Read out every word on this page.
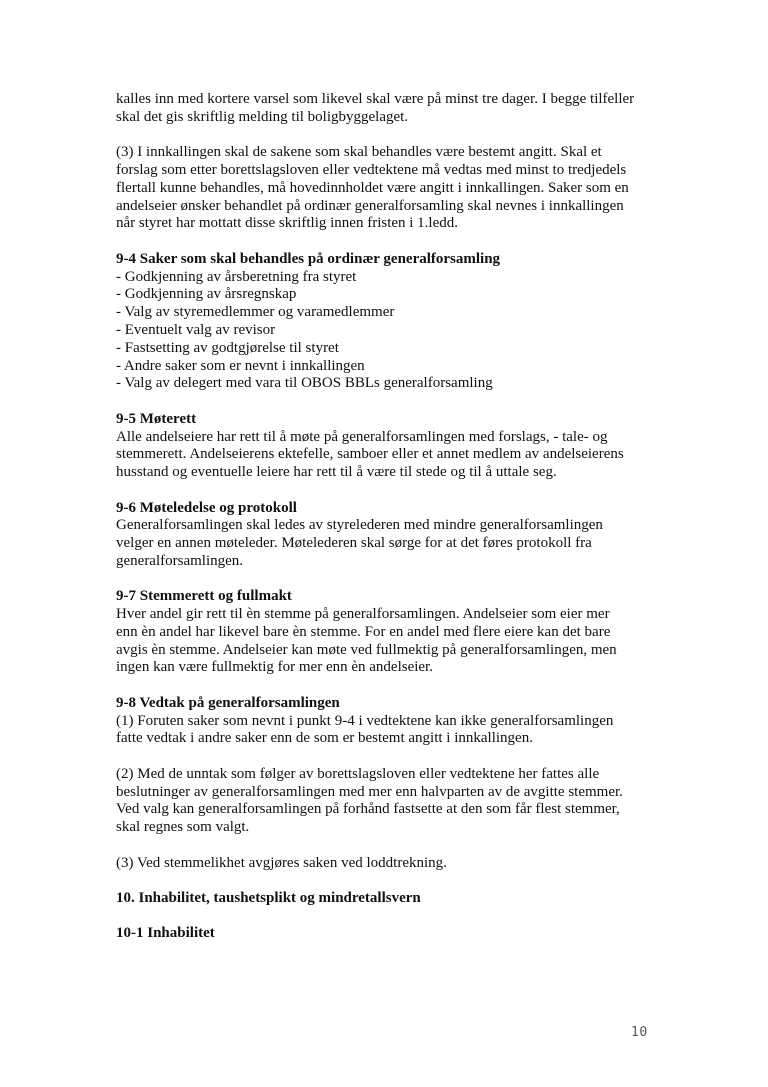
kalles inn med kortere varsel som likevel skal være på minst tre dager. I begge tilfeller
skal det gis skriftlig melding til boligbyggelaget.
(3) I innkallingen skal de sakene som skal behandles være bestemt angitt. Skal et
forslag som etter borettslagsloven eller vedtektene må vedtas med minst to tredjedels
flertall kunne behandles, må hovedinnholdet være angitt i innkallingen. Saker som en
andelseier ønsker behandlet på ordinær generalforsamling skal nevnes i innkallingen
når styret har mottatt disse skriftlig innen fristen i 1.ledd.
9-4 Saker som skal behandles på ordinær generalforsamling
- Godkjenning av årsberetning fra styret
- Godkjenning av årsregnskap
- Valg av styremedlemmer og varamedlemmer
- Eventuelt valg av revisor
- Fastsetting av godtgjørelse til styret
- Andre saker som er nevnt i innkallingen
- Valg av delegert med vara til OBOS BBLs generalforsamling
9-5 Møterett
Alle andelseiere har rett til å møte på generalforsamlingen med forslags, - tale- og
stemmerett. Andelseierens ektefelle, samboer eller et annet medlem av andelseierens
husstand og eventuelle leiere har rett til å være til stede og til å uttale seg.
9-6 Møteledelse og protokoll
Generalforsamlingen skal ledes av styrelederen med mindre generalforsamlingen
velger en annen møteleder. Møtelederen skal sørge for at det føres protokoll fra
generalforsamlingen.
9-7 Stemmerett og fullmakt
Hver andel gir rett til èn stemme på generalforsamlingen. Andelseier som eier mer
enn èn andel har likevel bare èn stemme. For en andel med flere eiere kan det bare
avgis èn stemme. Andelseier kan møte ved fullmektig på generalforsamlingen, men
ingen kan være fullmektig for mer enn èn andelseier.
9-8 Vedtak på generalforsamlingen
(1) Foruten saker som nevnt i punkt 9-4 i vedtektene kan ikke generalforsamlingen
fatte vedtak i andre saker enn de som er bestemt angitt i innkallingen.
(2) Med de unntak som følger av borettslagsloven eller vedtektene her fattes alle
beslutninger av generalforsamlingen med mer enn halvparten av de avgitte stemmer.
Ved valg kan generalforsamlingen på forhånd fastsette at den som får flest stemmer,
skal regnes som valgt.
(3) Ved stemmelikhet avgjøres saken ved loddtrekning.
10. Inhabilitet, taushetsplikt og mindretallsvern
10-1 Inhabilitet
10
